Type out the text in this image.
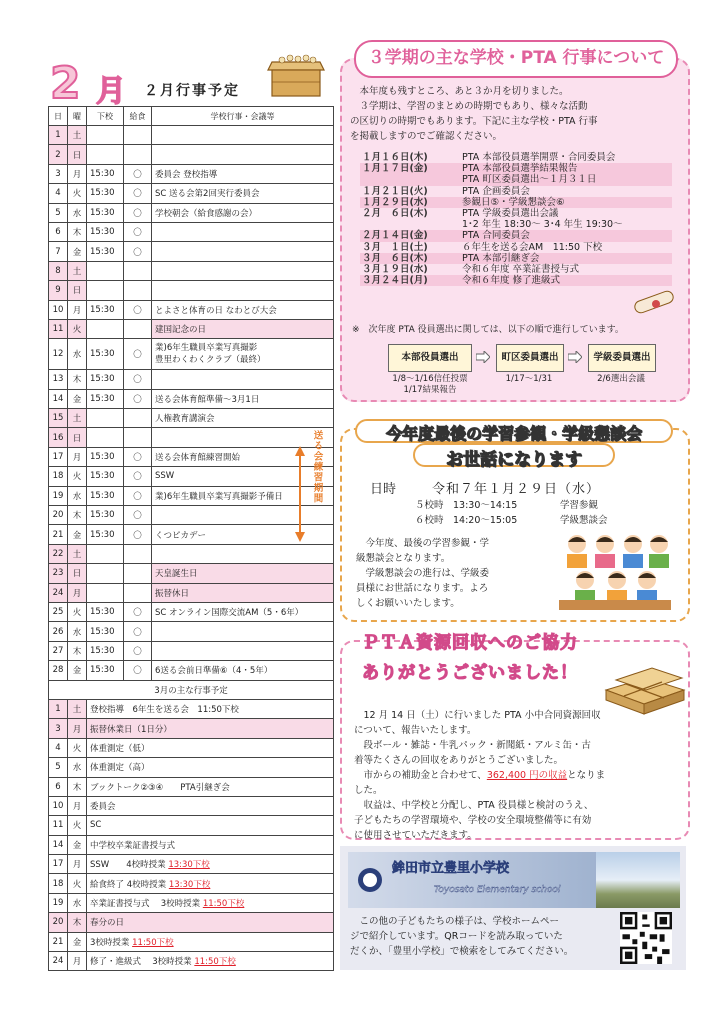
2 月 ２月行事予定
日	曜	下校	給食	学校行事・会議等
1	土			
2	日			
3	月	15:30	〇	委員会 登校指導
4	火	15:30	〇	SC 送る会第2回実行委員会
5	水	15:30	〇	学校朝会（給食感謝の会）
6	木	15:30	〇	
7	金	15:30	〇	
8	土			
9	日			
10	月	15:30	〇	とよさと体育の日 なわとび大会
11	火			建国記念の日
12	水	15:30	〇	業)6年生職員卒業写真撮影
豊里わくわくクラブ（最終）

13	木	15:30	〇	
14	金	15:30	〇	送る会体育館準備～3月1日
15	土			人権教育講演会
16	日			
17	月	15:30	〇	送る会体育館練習開始
18	火	15:30	〇	SSW
19	水	15:30	〇	業)6年生職員卒業写真撮影予備日
20	木	15:30	〇	
21	金	15:30	〇	くつピカデー
22	土			
23	日			天皇誕生日
24	月			振替休日
25	火	15:30	〇	SC オンライン国際交流AM（5・6年）
26	水	15:30	〇	
27	木	15:30	〇	
28	金	15:30	〇	6送る会前日準備⑥（4・5年）
3月の主な行事予定				
1	土	登校指導　6年生を送る会　11:50下校		
3	月	振替休業日（1日分）		
4	火	体重測定（低）		
5	水	体重測定（高）		
6	木	ブックトーク②③④　　PTA引継ぎ会		
10	月	委員会		
11	火	SC		
14	金	中学校卒業証書授与式		
17	月	SSW　　4校時授業 13:30下校		
18	火	給食終了 4校時授業 13:30下校		
19	水	卒業証書授与式　 3校時授業 11:50下校		
20	木	春分の日		
21	金	3校時授業 11:50下校		
24	月	修了・進級式　 3校時授業 11:50下校		
送る会練習期間
３学期の主な学校・PTA 行事について
　本年度も残すところ、あと３か月を切りました。
　３学期は、学習のまとめの時期でもあり、様々な活動
の区切りの時期でもあります。下記に主な学校・PTA 行事
を掲載しますのでご確認ください。
１月１６日(木)	PTA 本部役員選挙開票・合同委員会
１月１７日(金)	PTA 本部役員選挙結果報告
	PTA 町区委員選出～１月３１日
１月２１日(火)	PTA 企画委員会
１月２９日(水)	参観日⑤・学級懇談会⑥
２月　６日(木)	PTA 学級委員選出会議
	1･2 年生 18:30～ 3･4 年生 19:30～
２月１４日(金)	PTA 合同委員会
３月　１日(土)	６年生を送る会AM　11:50 下校
３月　６日(木)	PTA 本部引継ぎ会
３月１９日(水)	令和６年度 卒業証書授与式
３月２４日(月)	令和６年度 修了進級式
※　次年度 PTA 役員選出に関しては、以下の順で進行しています。
本部役員選出	町区委員選出	学級委員選出
1/8～1/16信任投票
1/17結果報告
1/17～1/31	2/6選出会議
今年度最後の学習参観・学級懇談会
お世話になります
日時	令和７年１月２９日（水）
５校時　13:30～14:15	学習参観
６校時　14:20～15:05	学級懇談会
　今年度、最後の学習参観・学
級懇談会となります。
　学級懇談会の進行は、学級委
員様にお世話になります。よろ
しくお願いいたします。
ＰＴＡ資源回収へのご協力
ありがとうございました！
　12 月 14 日（土）に行いました PTA 小中合同資源回収
について、報告いたします。
　段ボール・雑誌・牛乳パック・新聞紙・アルミ缶・古
着等たくさんの回収をありがとうございました。
　市からの補助金と合わせて、362,400 円の収益となりま
した。
　収益は、中学校と分配し、PTA 役員様と検討のうえ、
子どもたちの学習環境や、学校の安全環境整備等に有効
に使用させていただきます。
鉾田市立豊里小学校
Toyosato Elementary school
　この他の子どもたちの様子は、学校ホームペー
ジで紹介しています。QRコードを読み取っていた
だくか、「豊里小学校」で検索をしてみてください。
